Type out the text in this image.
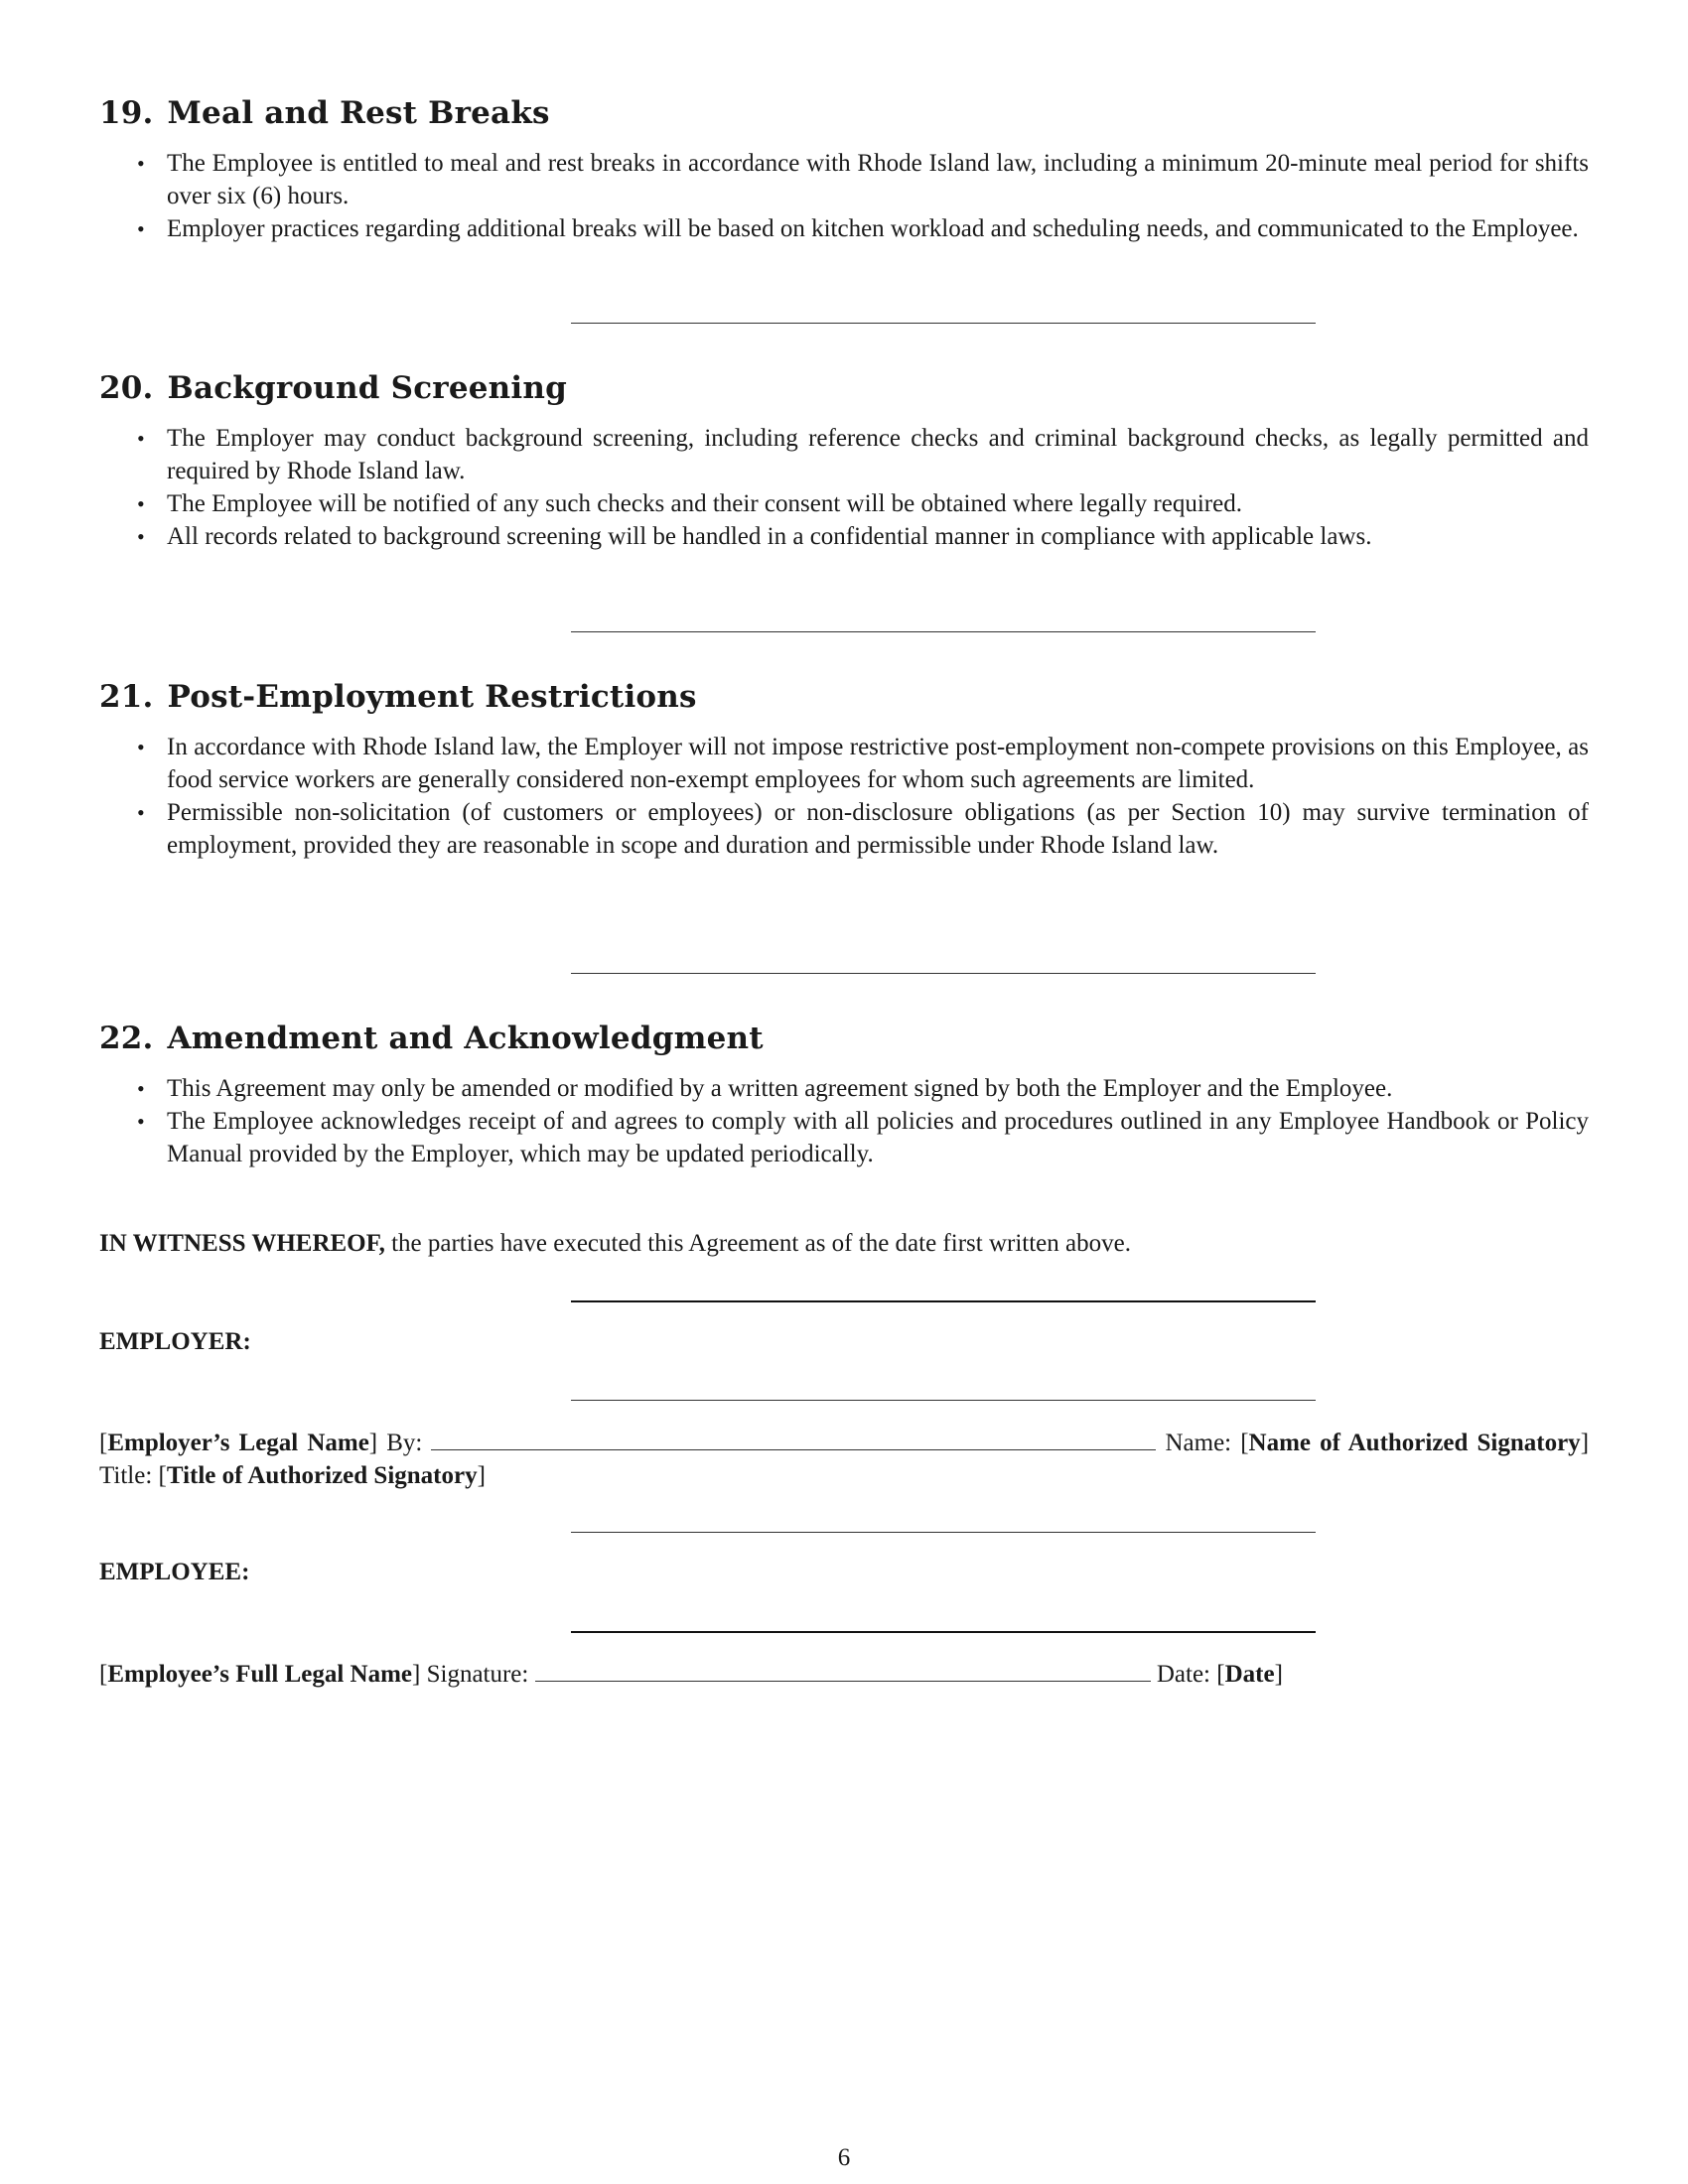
19. Meal and Rest Breaks
• The Employee is entitled to meal and rest breaks in accordance with Rhode Island law, including a minimum 20-minute meal period for shifts over six (6) hours.
• Employer practices regarding additional breaks will be based on kitchen workload and scheduling needs, and communicated to the Employee.
20. Background Screening
• The Employer may conduct background screening, including reference checks and criminal background checks, as legally permitted and required by Rhode Island law.
• The Employee will be notified of any such checks and their consent will be obtained where legally required.
• All records related to background screening will be handled in a confidential manner in compliance with applicable laws.
21. Post-Employment Restrictions
• In accordance with Rhode Island law, the Employer will not impose restrictive post-employment non-compete provisions on this Employee, as food service workers are generally considered non-exempt employees for whom such agreements are limited.
• Permissible non-solicitation (of customers or employees) or non-disclosure obligations (as per Section 10) may survive termination of employment, provided they are reasonable in scope and duration and permissible under Rhode Island law.
22. Amendment and Acknowledgment
• This Agreement may only be amended or modified by a written agreement signed by both the Employer and the Employee.
• The Employee acknowledges receipt of and agrees to comply with all policies and procedures outlined in any Employee Handbook or Policy Manual provided by the Employer, which may be updated periodically.
IN WITNESS WHEREOF, the parties have executed this Agreement as of the date first written above.
EMPLOYER:
[Employer’s Legal Name] By:	Name: [Name of Authorized Signatory] Title: [Title of Authorized Signatory]
EMPLOYEE:
[Employee’s Full Legal Name] Signature:	Date: [Date]
6
